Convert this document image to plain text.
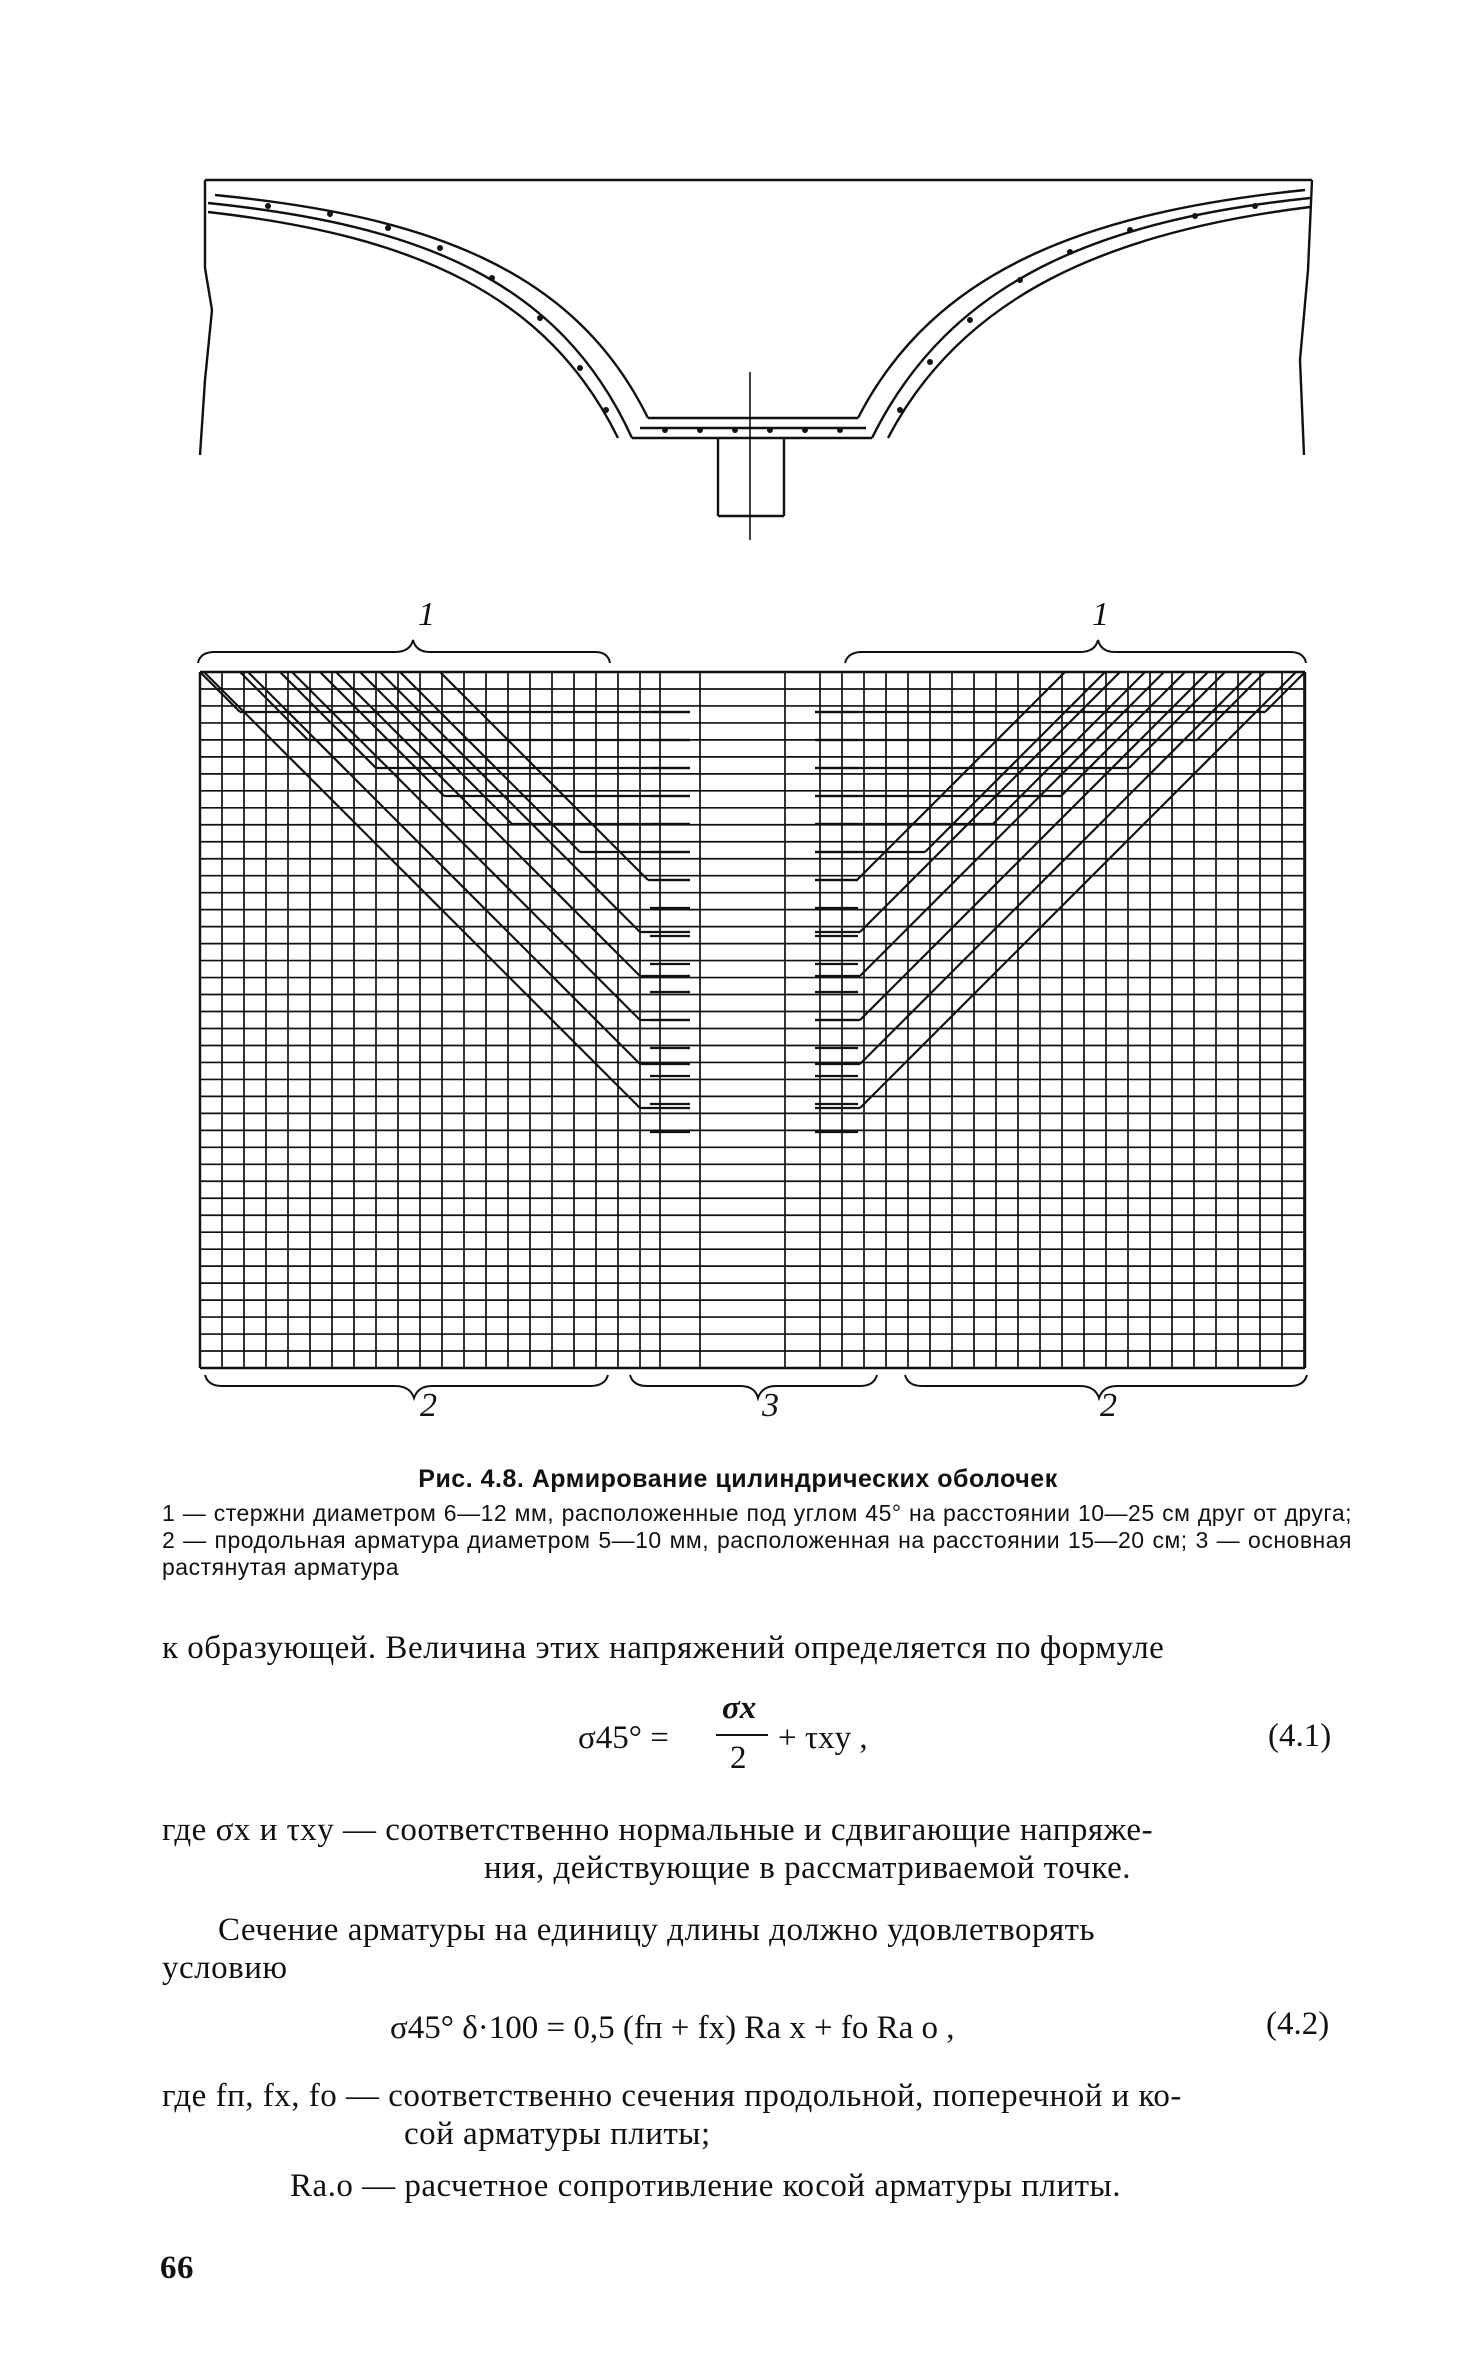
1	1
2	3	2
Рис. 4.8. Армирование цилиндрических оболочек
1 — стержни диаметром 6—12 мм, расположенные под углом 45° на расстоянии 10—25 см друг от друга; 2 — продольная арматура диаметром 5—10 мм, расположенная на расстоянии 15—20 см; 3 — основная растянутая арматура
к образующей. Величина этих напряжений определяется по формуле
σ45° =
σx
2
+ τxy ,	(4.1)
где σx и τxy — соответственно нормальные и сдвигающие напряже-
ния, действующие в рассматриваемой точке.
Сечение арматуры на единицу длины должно удовлетворять
условию
σ45° δ·100 = 0,5 (fп + fx) Ra x + fo Ra o ,	(4.2)
где fп, fx, fo — соответственно сечения продольной, поперечной и ко-
сой арматуры плиты;
Ra.o — расчетное сопротивление косой арматуры плиты.
66
